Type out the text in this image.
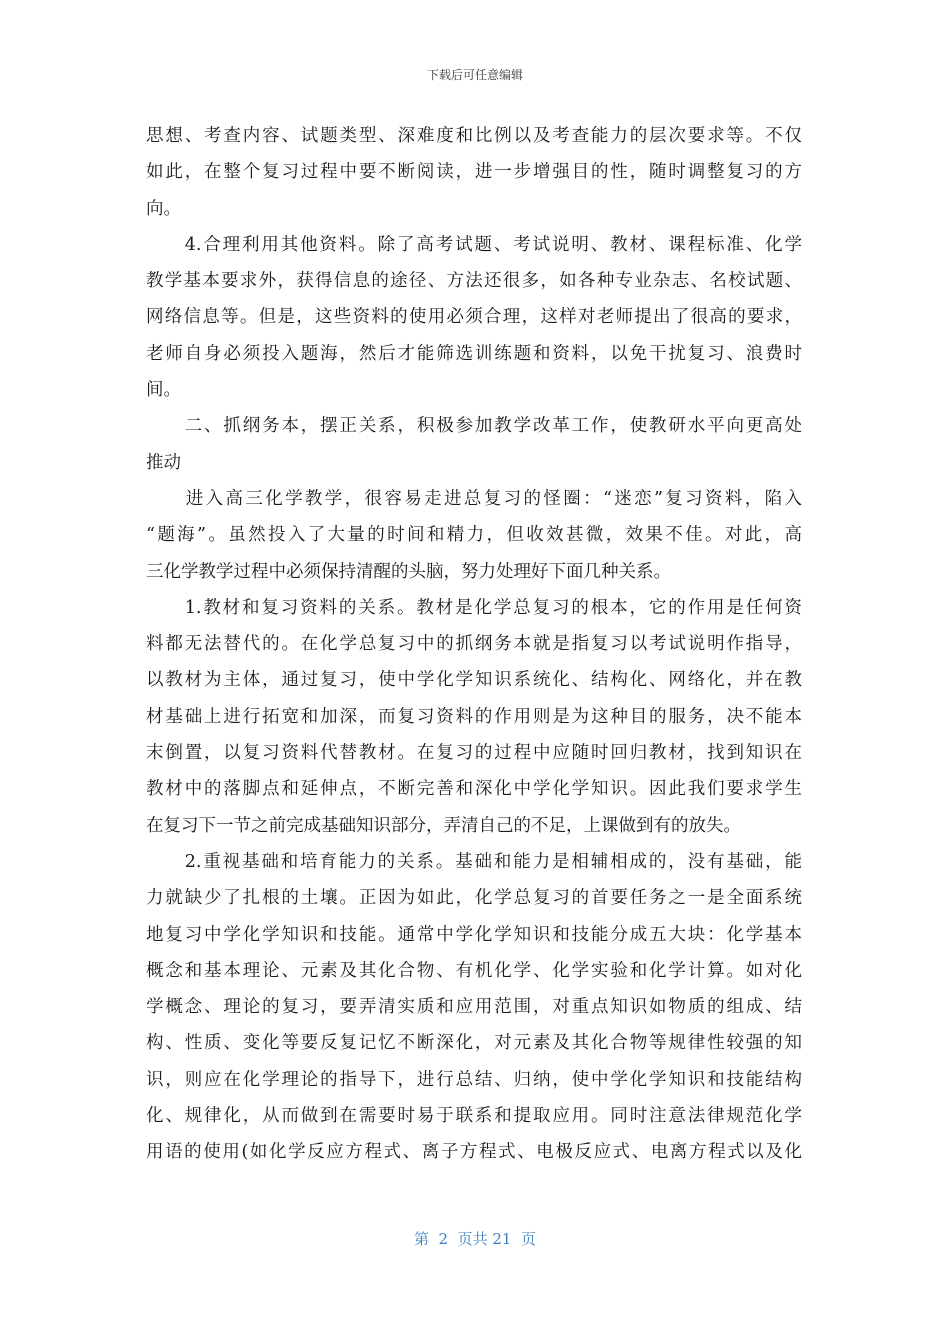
下载后可任意编辑
思想、考查内容、试题类型、深难度和比例以及考查能力的层次要求等。不仅
如此，在整个复习过程中要不断阅读，进一步增强目的性，随时调整复习的方
向。
　　4.合理利用其他资料。除了高考试题、考试说明、教材、课程标准、化学
教学基本要求外，获得信息的途径、方法还很多，如各种专业杂志、名校试题、
网络信息等。但是，这些资料的使用必须合理，这样对老师提出了很高的要求，
老师自身必须投入题海，然后才能筛选训练题和资料，以免干扰复习、浪费时
间。
　　二、抓纲务本，摆正关系，积极参加教学改革工作，使教研水平向更高处
推动
　　进入高三化学教学，很容易走进总复习的怪圈：“迷恋”复习资料，陷入
“题海”。虽然投入了大量的时间和精力，但收效甚微，效果不佳。对此，高
三化学教学过程中必须保持清醒的头脑，努力处理好下面几种关系。
　　1.教材和复习资料的关系。教材是化学总复习的根本，它的作用是任何资
料都无法替代的。在化学总复习中的抓纲务本就是指复习以考试说明作指导，
以教材为主体，通过复习，使中学化学知识系统化、结构化、网络化，并在教
材基础上进行拓宽和加深，而复习资料的作用则是为这种目的服务，决不能本
末倒置，以复习资料代替教材。在复习的过程中应随时回归教材，找到知识在
教材中的落脚点和延伸点，不断完善和深化中学化学知识。因此我们要求学生
在复习下一节之前完成基础知识部分，弄清自己的不足，上课做到有的放失。
　　2.重视基础和培育能力的关系。基础和能力是相辅相成的，没有基础，能
力就缺少了扎根的土壤。正因为如此，化学总复习的首要任务之一是全面系统
地复习中学化学知识和技能。通常中学化学知识和技能分成五大块：化学基本
概念和基本理论、元素及其化合物、有机化学、化学实验和化学计算。如对化
学概念、理论的复习，要弄清实质和应用范围，对重点知识如物质的组成、结
构、性质、变化等要反复记忆不断深化，对元素及其化合物等规律性较强的知
识，则应在化学理论的指导下，进行总结、归纳，使中学化学知识和技能结构
化、规律化，从而做到在需要时易于联系和提取应用。同时注意法律规范化学
用语的使用(如化学反应方程式、离子方程式、电极反应式、电离方程式以及化
第  2  页共 21  页
